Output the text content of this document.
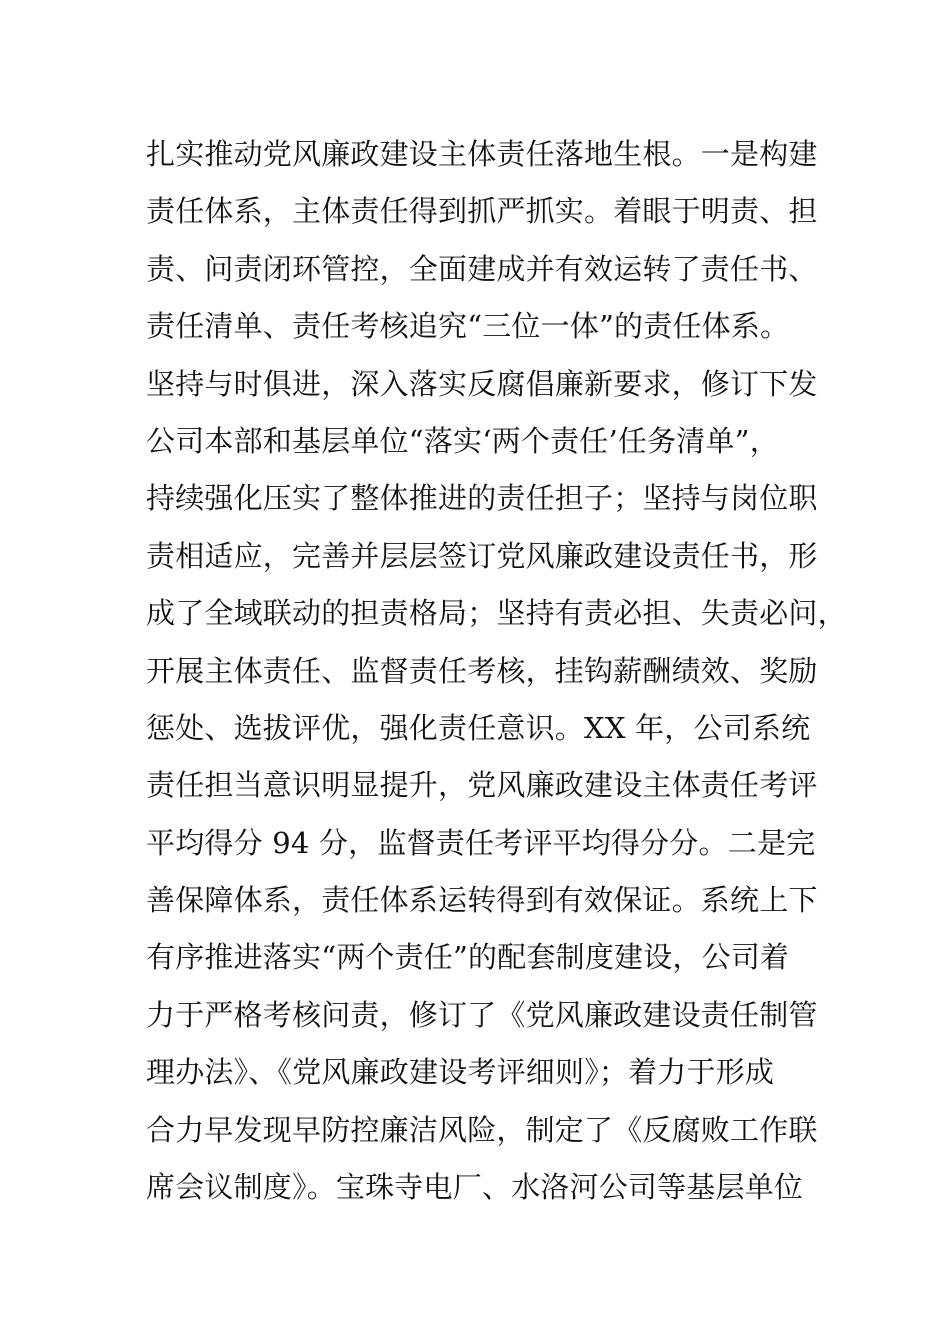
扎实推动党风廉政建设主体责任落地生根。一是构建
责任体系，主体责任得到抓严抓实。着眼于明责、担
责、问责闭环管控，全面建成并有效运转了责任书、
责任清单、责任考核追究“三位一体”的责任体系。
坚持与时俱进，深入落实反腐倡廉新要求，修订下发
公司本部和基层单位“落实‘两个责任’任务清单”，
持续强化压实了整体推进的责任担子；坚持与岗位职
责相适应，完善并层层签订党风廉政建设责任书，形
成了全域联动的担责格局；坚持有责必担、失责必问，
开展主体责任、监督责任考核，挂钩薪酬绩效、奖励
惩处、选拔评优，强化责任意识。XX 年，公司系统
责任担当意识明显提升，党风廉政建设主体责任考评
平均得分 94 分，监督责任考评平均得分分。二是完
善保障体系，责任体系运转得到有效保证。系统上下
有序推进落实“两个责任”的配套制度建设，公司着
力于严格考核问责，修订了《党风廉政建设责任制管
理办法》、《党风廉政建设考评细则》；着力于形成
合力早发现早防控廉洁风险，制定了《反腐败工作联
席会议制度》。宝珠寺电厂、水洛河公司等基层单位
